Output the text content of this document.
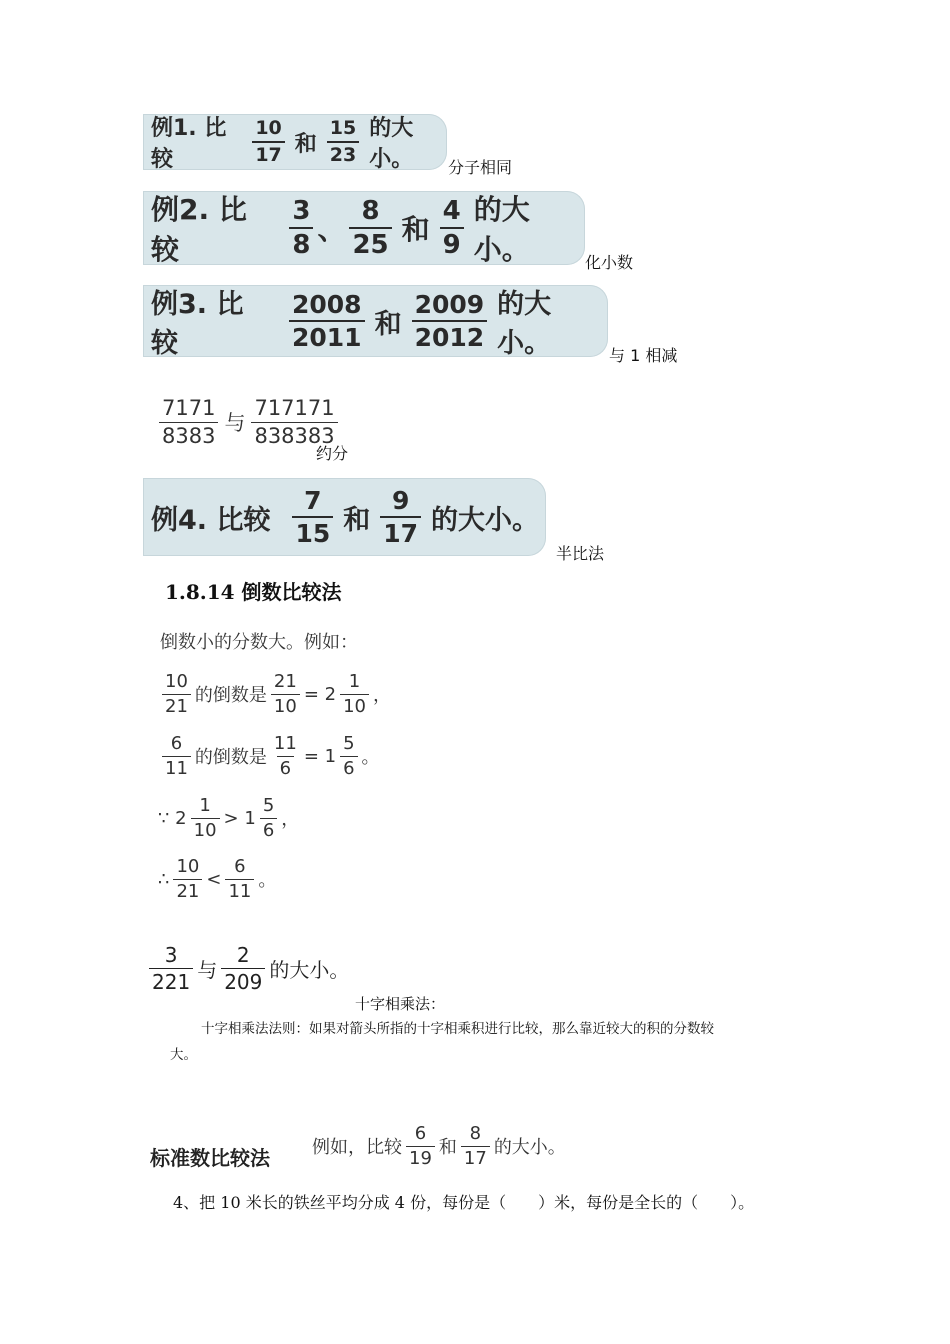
例1. 比较	$\frac{10}{17}$ 和 $\frac{15}{23}$ 的大小。	分子相同
例2. 比较	$\frac{3}{8}$ 、 $\frac{8}{25}$ 和 $\frac{4}{9}$ 的大小。	化小数
例3. 比较	$\frac{2008}{2011}$ 和 $\frac{2009}{2012}$ 的大小。	与 1 相减
$\frac{7171}{8383}$ 与 $\frac{717171}{838383}$
约分
例4. 比较 $\frac{7}{15}$ 和 $\frac{9}{17}$ 的大小。
半比法
1.8.14 倒数比较法
倒数小的分数大。例如：
$\frac{10}{21}$ 的倒数是 $\frac{21}{10} = 2 \frac{1}{10}$ ，
$\frac{6}{11}$ 的倒数是 $\frac{11}{6} = 1 \frac{5}{6}$ 。
∵ $2 \frac{1}{10} > 1 \frac{5}{6}$ ，
∴ $\frac{10}{21} < \frac{6}{11}$ 。
$\frac{3}{221}$ 与 $\frac{2}{209}$ 的大小。
十字相乘法：
十字相乘法法则：如果对箭头所指的十字相乘积进行比较，那么靠近较大的积的分数较
大。
标准数比较法 例如，比较 $\frac{6}{19}$ 和 $\frac{8}{17}$ 的大小。
4、把 10 米长的铁丝平均分成 4 份，每份是（　　）米，每份是全长的（　　）。
